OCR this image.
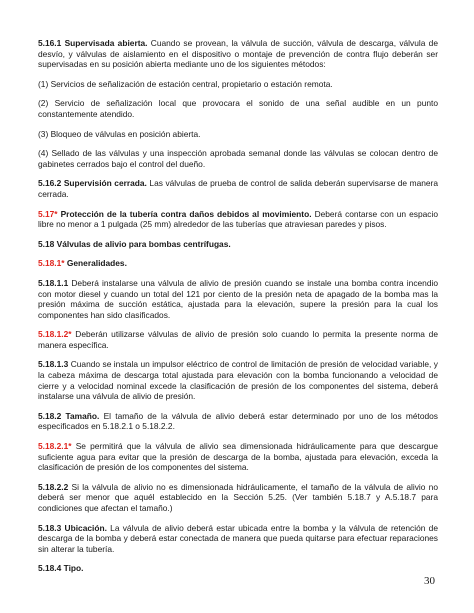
5.16.1 Supervisada abierta. Cuando se provean, la válvula de succión, válvula de descarga, válvula de desvío, y válvulas de aislamiento en el dispositivo o montaje de prevención de contra flujo deberán ser supervisadas en su posición abierta mediante uno de los siguientes métodos:

(1) Servicios de señalización de estación central, propietario o estación remota.

(2) Servicio de señalización local que provocara el sonido de una señal audible en un punto constantemente atendido.

(3) Bloqueo de válvulas en posición abierta.

(4) Sellado de las válvulas y una inspección aprobada semanal donde las válvulas se colocan dentro de gabinetes cerrados bajo el control del dueño.

5.16.2 Supervisión cerrada. Las válvulas de prueba de control de salida deberán supervisarse de manera cerrada.

5.17* Protección de la tubería contra daños debidos al movimiento. Deberá contarse con un espacio libre no menor a 1 pulgada (25 mm) alrededor de las tuberías que atraviesan paredes y pisos.

5.18 Válvulas de alivio para bombas centrífugas.

5.18.1* Generalidades.

5.18.1.1 Deberá instalarse una válvula de alivio de presión cuando se instale una bomba contra incendio con motor diesel y cuando un total del 121 por ciento de la presión neta de apagado de la bomba mas la presión máxima de succión estática, ajustada para la elevación, supere la presión para la cual los componentes han sido clasificados.

5.18.1.2* Deberán utilizarse válvulas de alivio de presión solo cuando lo permita la presente norma de manera específica.

5.18.1.3 Cuando se instala un impulsor eléctrico de control de limitación de presión de velocidad variable, y la cabeza máxima de descarga total ajustada para elevación con la bomba funcionando a velocidad de cierre y a velocidad nominal excede la clasificación de presión de los componentes del sistema, deberá instalarse una válvula de alivio de presión.

5.18.2 Tamaño. El tamaño de la válvula de alivio deberá estar determinado por uno de los métodos especificados en 5.18.2.1 o 5.18.2.2.

5.18.2.1* Se permitirá que la válvula de alivio sea dimensionada hidráulicamente para que descargue suficiente agua para evitar que la presión de descarga de la bomba, ajustada para elevación, exceda la clasificación de presión de los componentes del sistema.

5.18.2.2 Si la válvula de alivio no es dimensionada hidráulicamente, el tamaño de la válvula de alivio no deberá ser menor que aquél establecido en la Sección 5.25. (Ver también 5.18.7 y A.5.18.7 para condiciones que afectan el tamaño.)

5.18.3 Ubicación. La válvula de alivio deberá estar ubicada entre la bomba y la válvula de retención de descarga de la bomba y deberá estar conectada de manera que pueda quitarse para efectuar reparaciones sin alterar la tubería.

5.18.4 Tipo.

30
